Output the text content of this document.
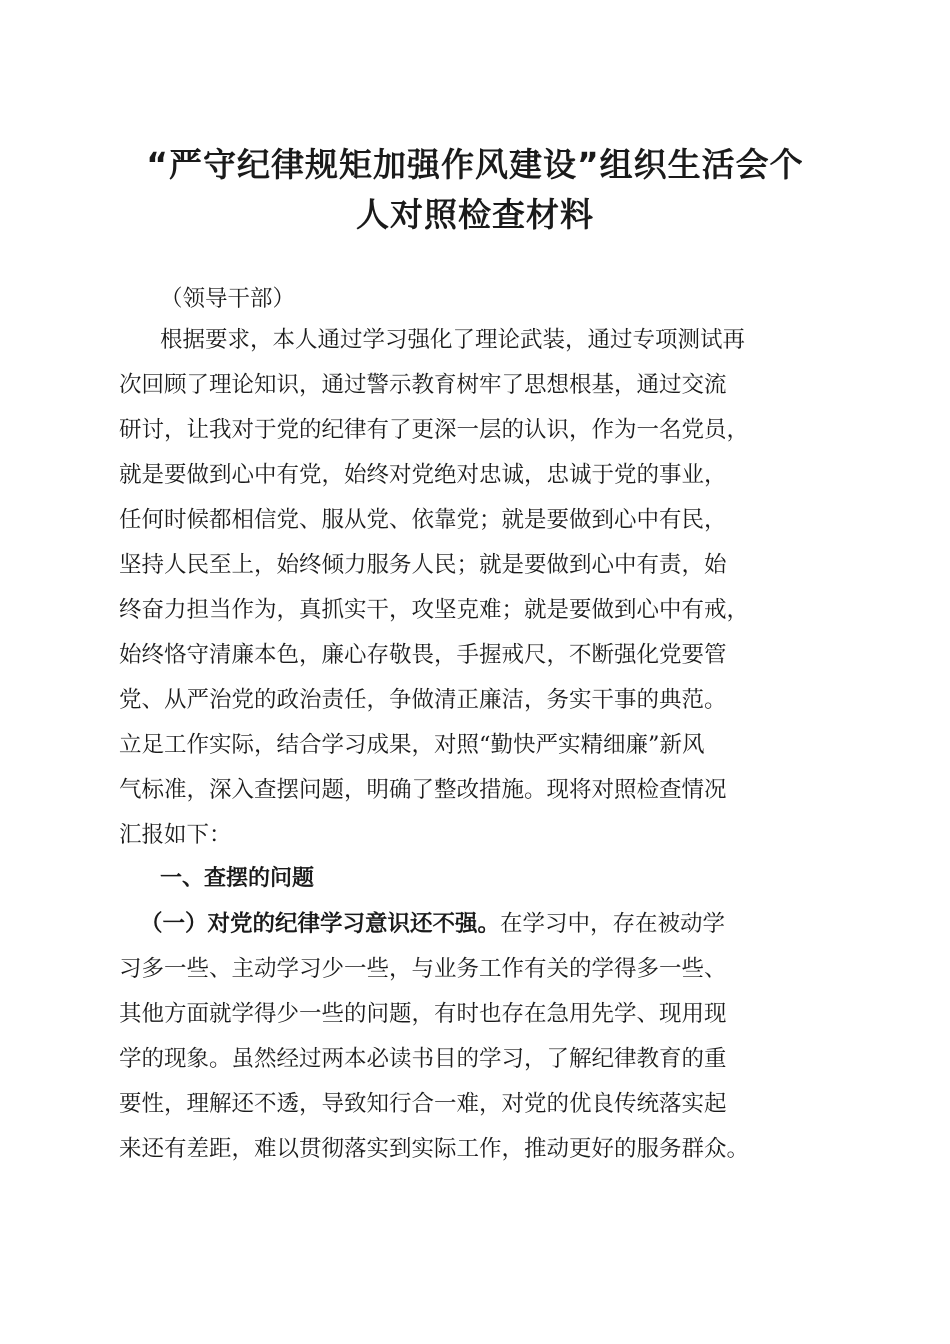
“严守纪律规矩加强作风建设”组织生活会个
人对照检查材料
（领导干部）
根据要求，本人通过学习强化了理论武装，通过专项测试再
次回顾了理论知识，通过警示教育树牢了思想根基，通过交流
研讨，让我对于党的纪律有了更深一层的认识，作为一名党员，
就是要做到心中有党，始终对党绝对忠诚，忠诚于党的事业，
任何时候都相信党、服从党、依靠党；就是要做到心中有民，
坚持人民至上，始终倾力服务人民；就是要做到心中有责，始
终奋力担当作为，真抓实干，攻坚克难；就是要做到心中有戒，
始终恪守清廉本色，廉心存敬畏，手握戒尺，不断强化党要管
党、从严治党的政治责任，争做清正廉洁，务实干事的典范。
立足工作实际，结合学习成果，对照“勤快严实精细廉”新风
气标准，深入查摆问题，明确了整改措施。现将对照检查情况
汇报如下：
一、查摆的问题
（一）对党的纪律学习意识还不强。在学习中，存在被动学
习多一些、主动学习少一些，与业务工作有关的学得多一些、
其他方面就学得少一些的问题，有时也存在急用先学、现用现
学的现象。虽然经过两本必读书目的学习，了解纪律教育的重
要性，理解还不透，导致知行合一难，对党的优良传统落实起
来还有差距，难以贯彻落实到实际工作，推动更好的服务群众。
